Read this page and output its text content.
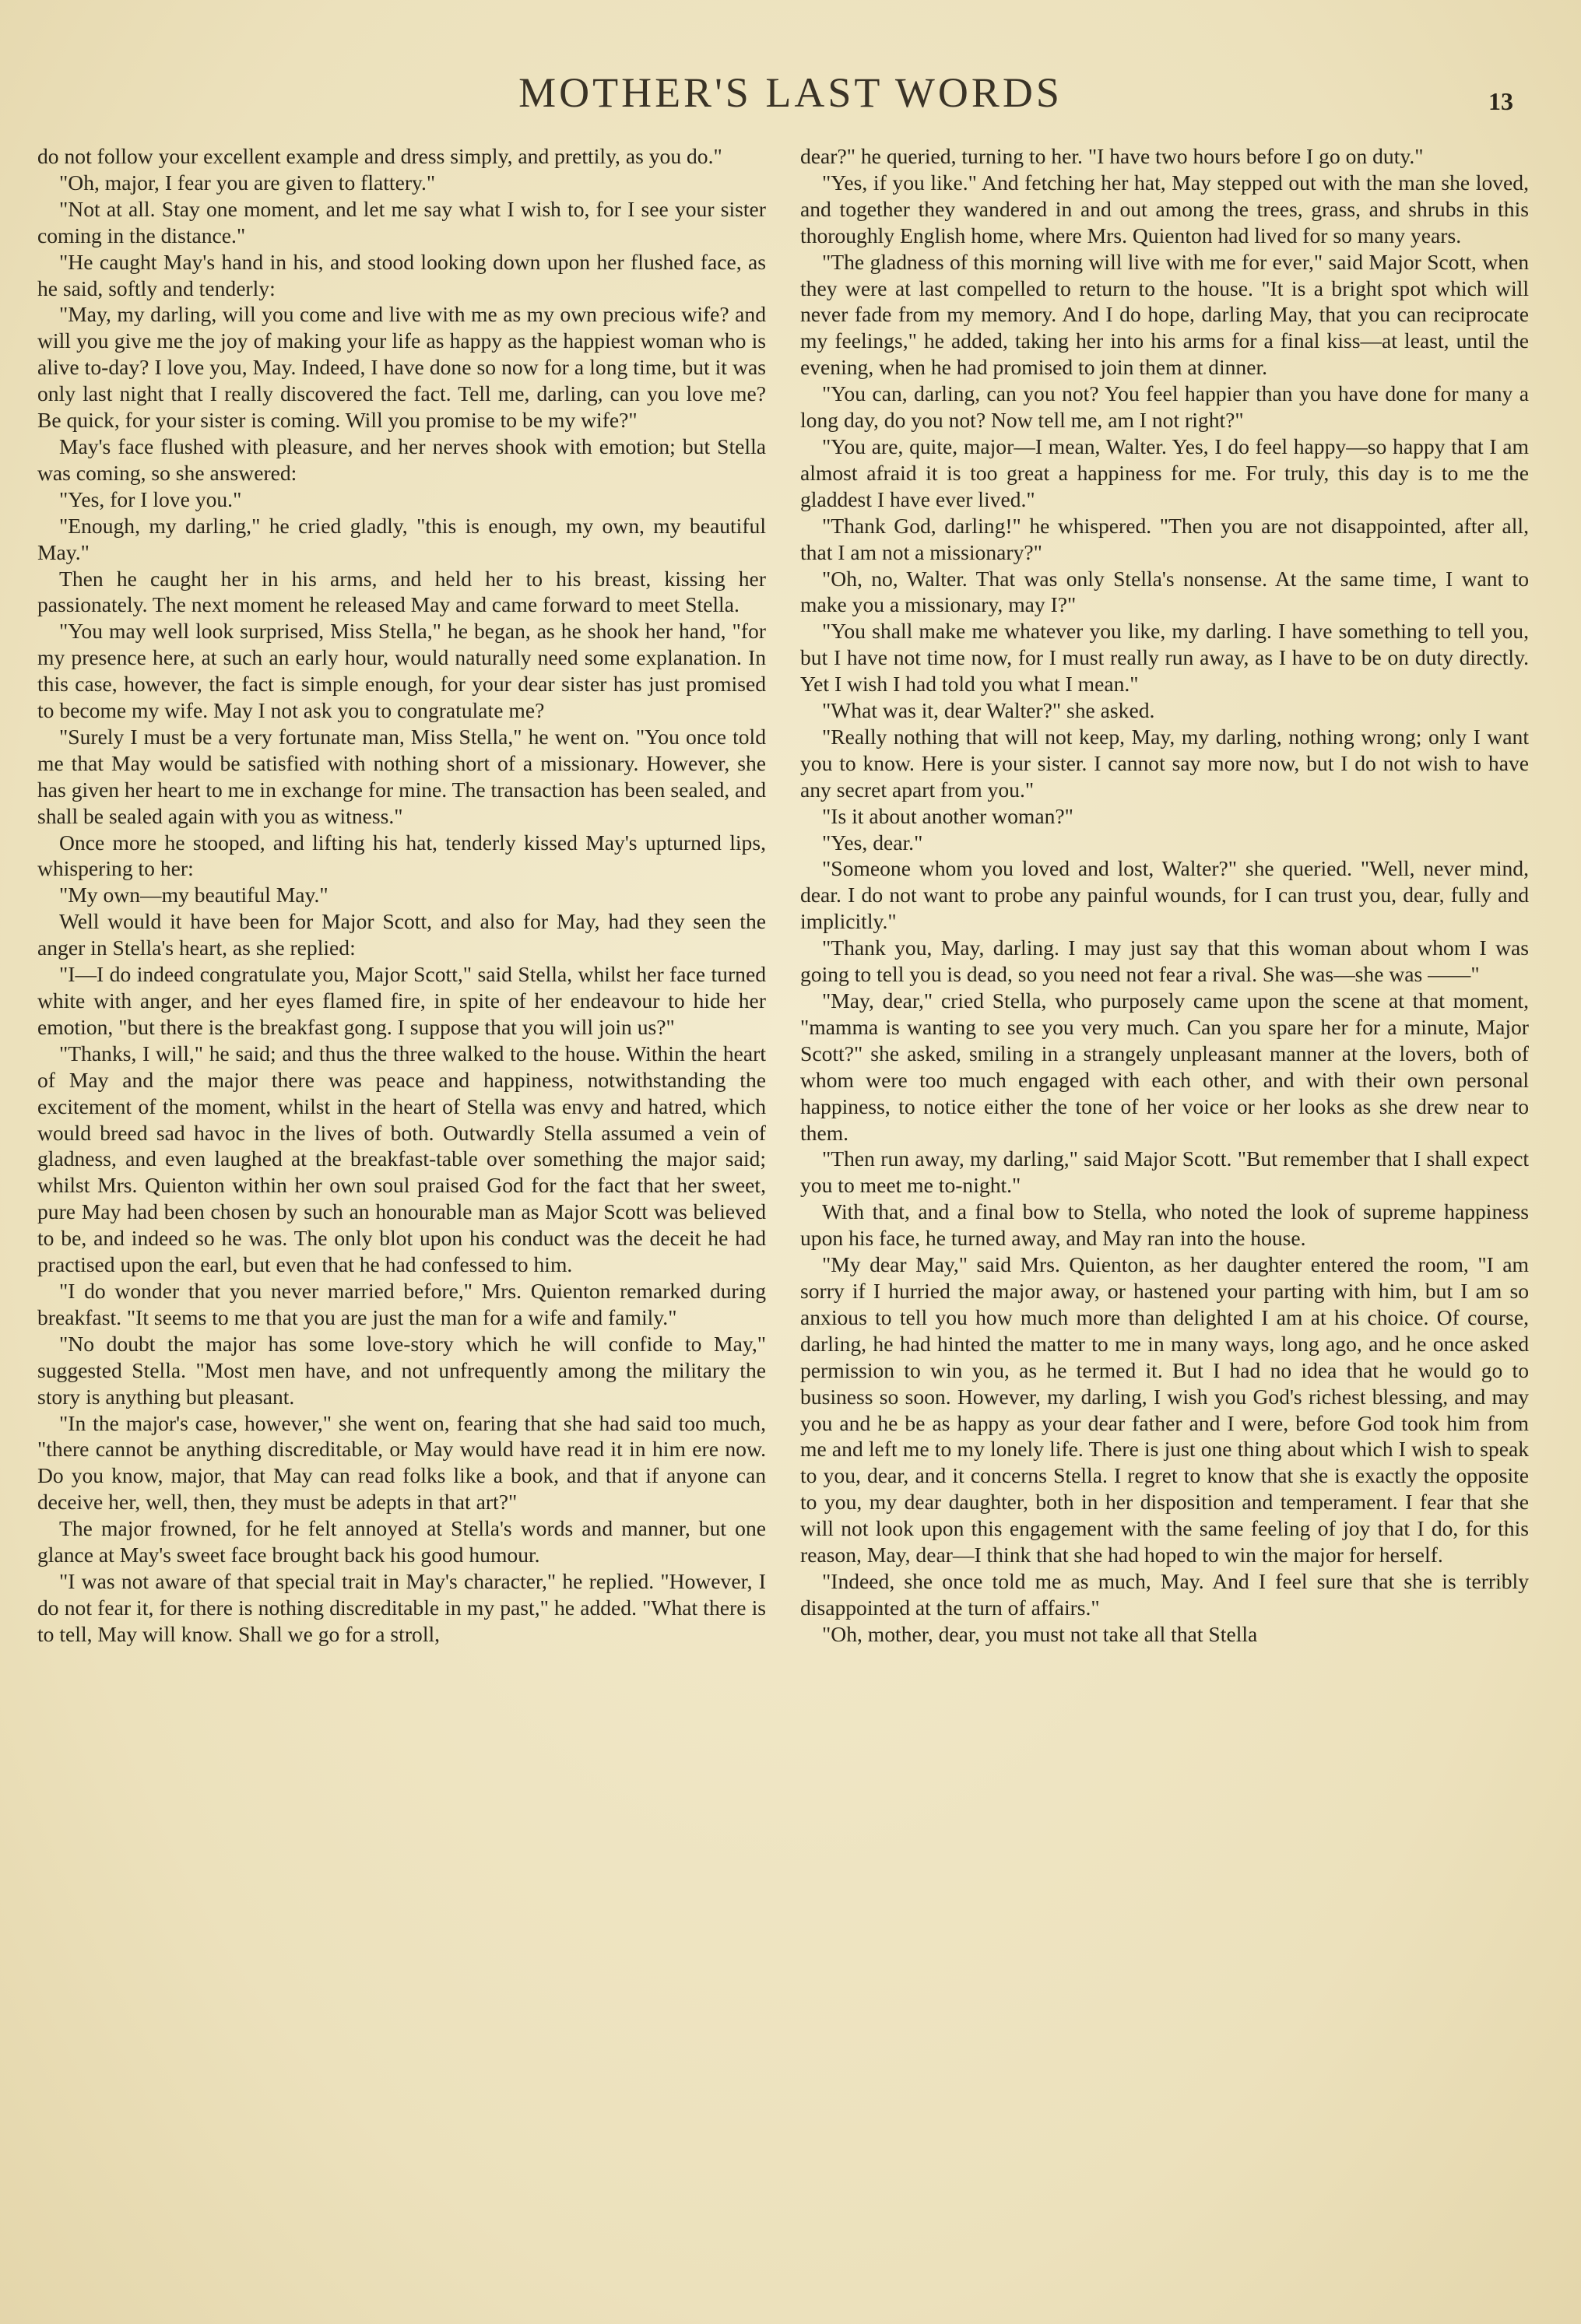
MOTHER'S LAST WORDS	13

do not follow your excellent example and dress simply, and prettily, as you do."

"Oh, major, I fear you are given to flattery."

"Not at all. Stay one moment, and let me say what I wish to, for I see your sister coming in the distance."

"He caught May's hand in his, and stood looking down upon her flushed face, as he said, softly and tenderly:

"May, my darling, will you come and live with me as my own precious wife? and will you give me the joy of making your life as happy as the happiest woman who is alive to-day? I love you, May. Indeed, I have done so now for a long time, but it was only last night that I really discovered the fact. Tell me, darling, can you love me? Be quick, for your sister is coming. Will you promise to be my wife?"

May's face flushed with pleasure, and her nerves shook with emotion; but Stella was coming, so she answered:

"Yes, for I love you."

"Enough, my darling," he cried gladly, "this is enough, my own, my beautiful May."

Then he caught her in his arms, and held her to his breast, kissing her passionately. The next moment he released May and came forward to meet Stella.

"You may well look surprised, Miss Stella," he began, as he shook her hand, "for my presence here, at such an early hour, would naturally need some explanation. In this case, however, the fact is simple enough, for your dear sister has just promised to become my wife. May I not ask you to congratulate me?

"Surely I must be a very fortunate man, Miss Stella," he went on. "You once told me that May would be satisfied with nothing short of a missionary. However, she has given her heart to me in exchange for mine. The transaction has been sealed, and shall be sealed again with you as witness."

Once more he stooped, and lifting his hat, tenderly kissed May's upturned lips, whispering to her:

"My own—my beautiful May."

Well would it have been for Major Scott, and also for May, had they seen the anger in Stella's heart, as she replied:

"I—I do indeed congratulate you, Major Scott," said Stella, whilst her face turned white with anger, and her eyes flamed fire, in spite of her endeavour to hide her emotion, "but there is the breakfast gong. I suppose that you will join us?"

"Thanks, I will," he said; and thus the three walked to the house. Within the heart of May and the major there was peace and happiness, notwithstanding the excitement of the moment, whilst in the heart of Stella was envy and hatred, which would breed sad havoc in the lives of both. Outwardly Stella assumed a vein of gladness, and even laughed at the breakfast-table over something the major said; whilst Mrs. Quienton within her own soul praised God for the fact that her sweet, pure May had been chosen by such an honourable man as Major Scott was believed to be, and indeed so he was. The only blot upon his conduct was the deceit he had practised upon the earl, but even that he had confessed to him.

"I do wonder that you never married before," Mrs. Quienton remarked during breakfast. "It seems to me that you are just the man for a wife and family."

"No doubt the major has some love-story which he will confide to May," suggested Stella. "Most men have, and not unfrequently among the military the story is anything but pleasant.

"In the major's case, however," she went on, fearing that she had said too much, "there cannot be anything discreditable, or May would have read it in him ere now. Do you know, major, that May can read folks like a book, and that if anyone can deceive her, well, then, they must be adepts in that art?"

The major frowned, for he felt annoyed at Stella's words and manner, but one glance at May's sweet face brought back his good humour.

"I was not aware of that special trait in May's character," he replied. "However, I do not fear it, for there is nothing discreditable in my past," he added. "What there is to tell, May will know. Shall we go for a stroll,

dear?" he queried, turning to her. "I have two hours before I go on duty."

"Yes, if you like." And fetching her hat, May stepped out with the man she loved, and together they wandered in and out among the trees, grass, and shrubs in this thoroughly English home, where Mrs. Quienton had lived for so many years.

"The gladness of this morning will live with me for ever," said Major Scott, when they were at last compelled to return to the house. "It is a bright spot which will never fade from my memory. And I do hope, darling May, that you can reciprocate my feelings," he added, taking her into his arms for a final kiss—at least, until the evening, when he had promised to join them at dinner.

"You can, darling, can you not? You feel happier than you have done for many a long day, do you not? Now tell me, am I not right?"

"You are, quite, major—I mean, Walter. Yes, I do feel happy—so happy that I am almost afraid it is too great a happiness for me. For truly, this day is to me the gladdest I have ever lived."

"Thank God, darling!" he whispered. "Then you are not disappointed, after all, that I am not a missionary?"

"Oh, no, Walter. That was only Stella's nonsense. At the same time, I want to make you a missionary, may I?"

"You shall make me whatever you like, my darling. I have something to tell you, but I have not time now, for I must really run away, as I have to be on duty directly. Yet I wish I had told you what I mean."

"What was it, dear Walter?" she asked.

"Really nothing that will not keep, May, my darling, nothing wrong; only I want you to know. Here is your sister. I cannot say more now, but I do not wish to have any secret apart from you."

"Is it about another woman?"

"Yes, dear."

"Someone whom you loved and lost, Walter?" she queried. "Well, never mind, dear. I do not want to probe any painful wounds, for I can trust you, dear, fully and implicitly."

"Thank you, May, darling. I may just say that this woman about whom I was going to tell you is dead, so you need not fear a rival. She was—she was ——"

"May, dear," cried Stella, who purposely came upon the scene at that moment, "mamma is wanting to see you very much. Can you spare her for a minute, Major Scott?" she asked, smiling in a strangely unpleasant manner at the lovers, both of whom were too much engaged with each other, and with their own personal happiness, to notice either the tone of her voice or her looks as she drew near to them.

"Then run away, my darling," said Major Scott. "But remember that I shall expect you to meet me to-night."

With that, and a final bow to Stella, who noted the look of supreme happiness upon his face, he turned away, and May ran into the house.

"My dear May," said Mrs. Quienton, as her daughter entered the room, "I am sorry if I hurried the major away, or hastened your parting with him, but I am so anxious to tell you how much more than delighted I am at his choice. Of course, darling, he had hinted the matter to me in many ways, long ago, and he once asked permission to win you, as he termed it. But I had no idea that he would go to business so soon. However, my darling, I wish you God's richest blessing, and may you and he be as happy as your dear father and I were, before God took him from me and left me to my lonely life. There is just one thing about which I wish to speak to you, dear, and it concerns Stella. I regret to know that she is exactly the opposite to you, my dear daughter, both in her disposition and temperament. I fear that she will not look upon this engagement with the same feeling of joy that I do, for this reason, May, dear—I think that she had hoped to win the major for herself.

"Indeed, she once told me as much, May. And I feel sure that she is terribly disappointed at the turn of affairs."

"Oh, mother, dear, you must not take all that Stella
